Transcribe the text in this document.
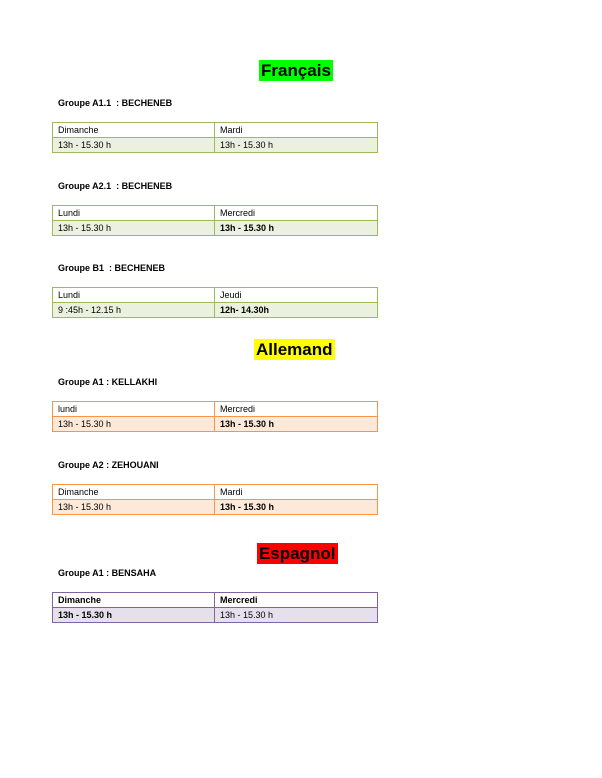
Français
Groupe A1.1  : BECHENEB
Dimanche	Mardi
13h - 15.30 h	13h - 15.30 h
Groupe A2.1  : BECHENEB
Lundi	Mercredi
13h - 15.30 h	13h - 15.30 h
Groupe B1  : BECHENEB
Lundi	Jeudi
9 :45h - 12.15 h	12h- 14.30h
Allemand
Groupe A1 : KELLAKHI
lundi	Mercredi
13h - 15.30 h	13h - 15.30 h
Groupe A2 : ZEHOUANI
Dimanche	Mardi
13h - 15.30 h	13h - 15.30 h
Espagnol
Groupe A1 : BENSAHA
Dimanche	Mercredi
13h - 15.30 h	13h - 15.30 h
